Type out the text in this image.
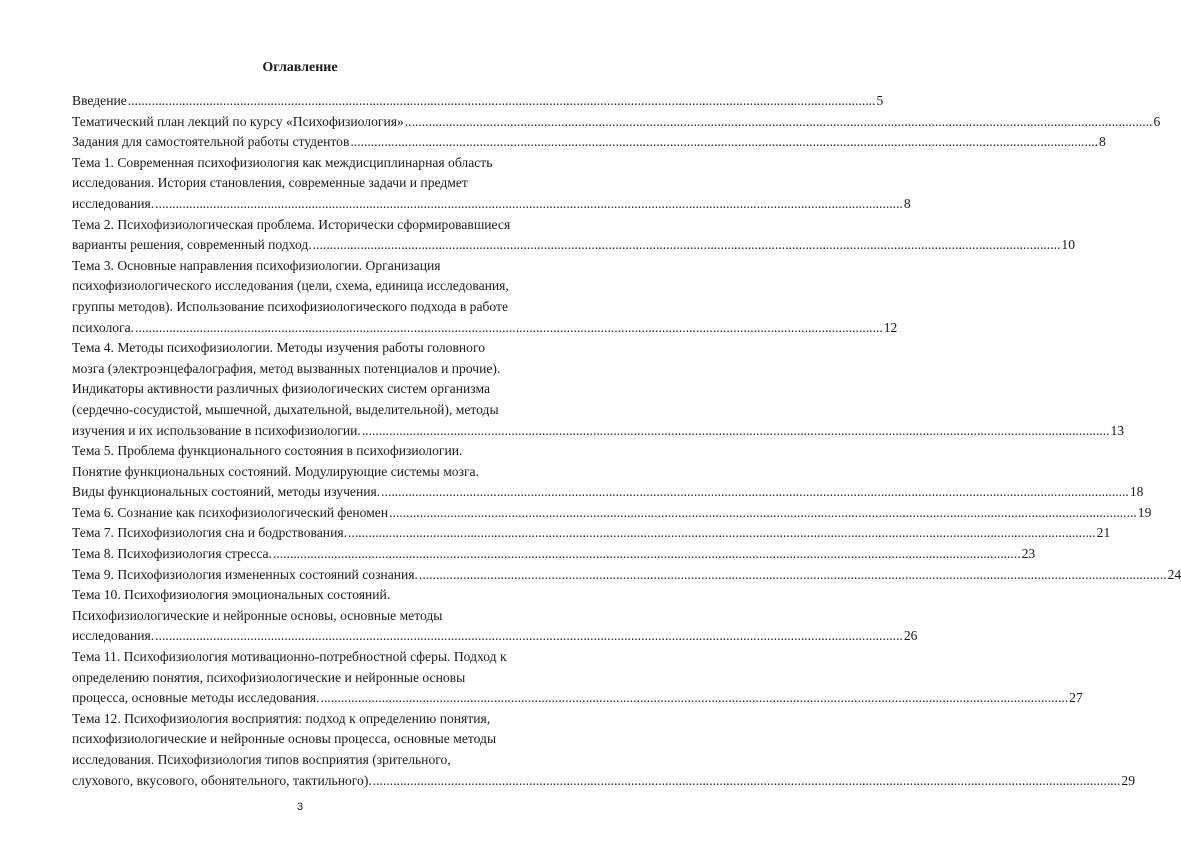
Оглавление
Введение ............................................................................................................................................................................................................................ 5
Тематический план лекций по курсу «Психофизиология» ............................................................................................................................................................................................................................ 6
Задания для самостоятельной работы студентов ............................................................................................................................................................................................................................ 8
Тема 1. Современная психофизиология как междисциплинарная область
исследования. История становления, современные задачи и предмет
исследования. ............................................................................................................................................................................................................................ 8
Тема 2. Психофизиологическая проблема. Исторически сформировавшиеся
варианты решения, современный подход. ............................................................................................................................................................................................................................ 10
Тема 3. Основные направления психофизиологии. Организация
психофизиологического исследования (цели, схема, единица исследования,
группы методов). Использование психофизиологического подхода в работе
психолога. ............................................................................................................................................................................................................................ 12
Тема 4. Методы психофизиологии. Методы изучения работы головного
мозга (электроэнцефалография, метод вызванных потенциалов и прочие).
Индикаторы активности различных физиологических систем организма
(сердечно-сосудистой, мышечной, дыхательной, выделительной), методы
изучения и их использование в психофизиологии. ............................................................................................................................................................................................................................ 13
Тема 5. Проблема функционального состояния в психофизиологии.
Понятие функциональных состояний. Модулирующие системы мозга.
Виды функциональных состояний, методы изучения. ............................................................................................................................................................................................................................ 18
Тема 6. Сознание как психофизиологический феномен ............................................................................................................................................................................................................................ 19
Тема 7. Психофизиология сна и бодрствования. ............................................................................................................................................................................................................................ 21
Тема 8. Психофизиология стресса. ............................................................................................................................................................................................................................ 23
Тема 9. Психофизиология измененных состояний сознания. ............................................................................................................................................................................................................................ 24
Тема 10. Психофизиология эмоциональных состояний.
Психофизиологические и нейронные основы, основные методы
исследования. ............................................................................................................................................................................................................................ 26
Тема 11. Психофизиология мотивационно-потребностной сферы. Подход к
определению понятия, психофизиологические и нейронные основы
процесса, основные методы исследования. ............................................................................................................................................................................................................................ 27
Тема 12. Психофизиология восприятия: подход к определению понятия,
психофизиологические и нейронные основы процесса, основные методы
исследования. Психофизиология типов восприятия (зрительного,
слухового, вкусового, обонятельного, тактильного). ............................................................................................................................................................................................................................ 29
3
